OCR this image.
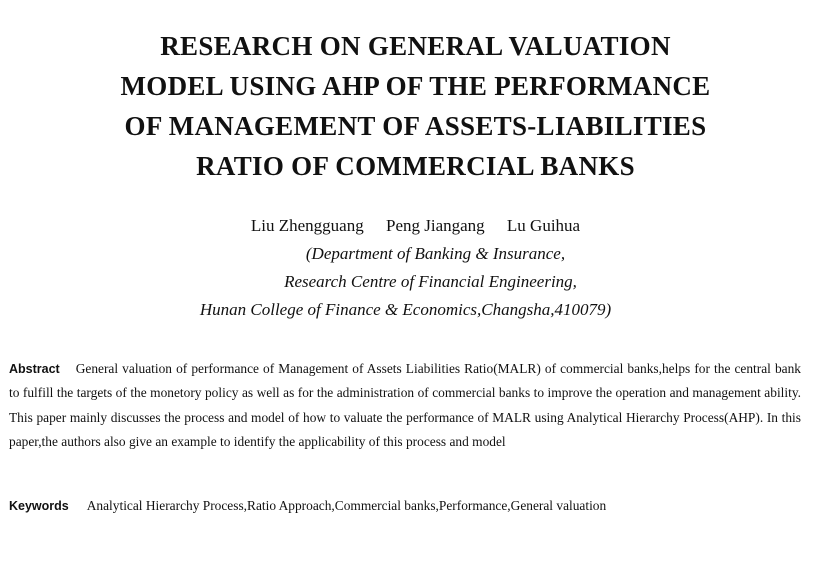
RESEARCH ON GENERAL VALUATION
MODEL USING AHP OF THE PERFORMANCE
OF MANAGEMENT OF ASSETS-LIABILITIES
RATIO OF COMMERCIAL BANKS
Liu Zhengguang Peng Jiangang Lu Guihua
(Department of Banking & Insurance,
Research Centre of Financial Engineering,
Hunan College of Finance & Economics,Changsha,410079)
Abstract General valuation of performance of Management of Assets Liabilities Ratio(MALR) of commercial banks,helps for the central bank to fulfill the targets of the monetory policy as well as for the administration of commercial banks to improve the operation and management ability. This paper mainly discusses the process and model of how to valuate the performance of MALR using Analytical Hierarchy Process(AHP). In this paper,the authors also give an example to identify the applicability of this process and model
Keywords Analytical Hierarchy Process,Ratio Approach,Commercial banks,Performance,General valuation
